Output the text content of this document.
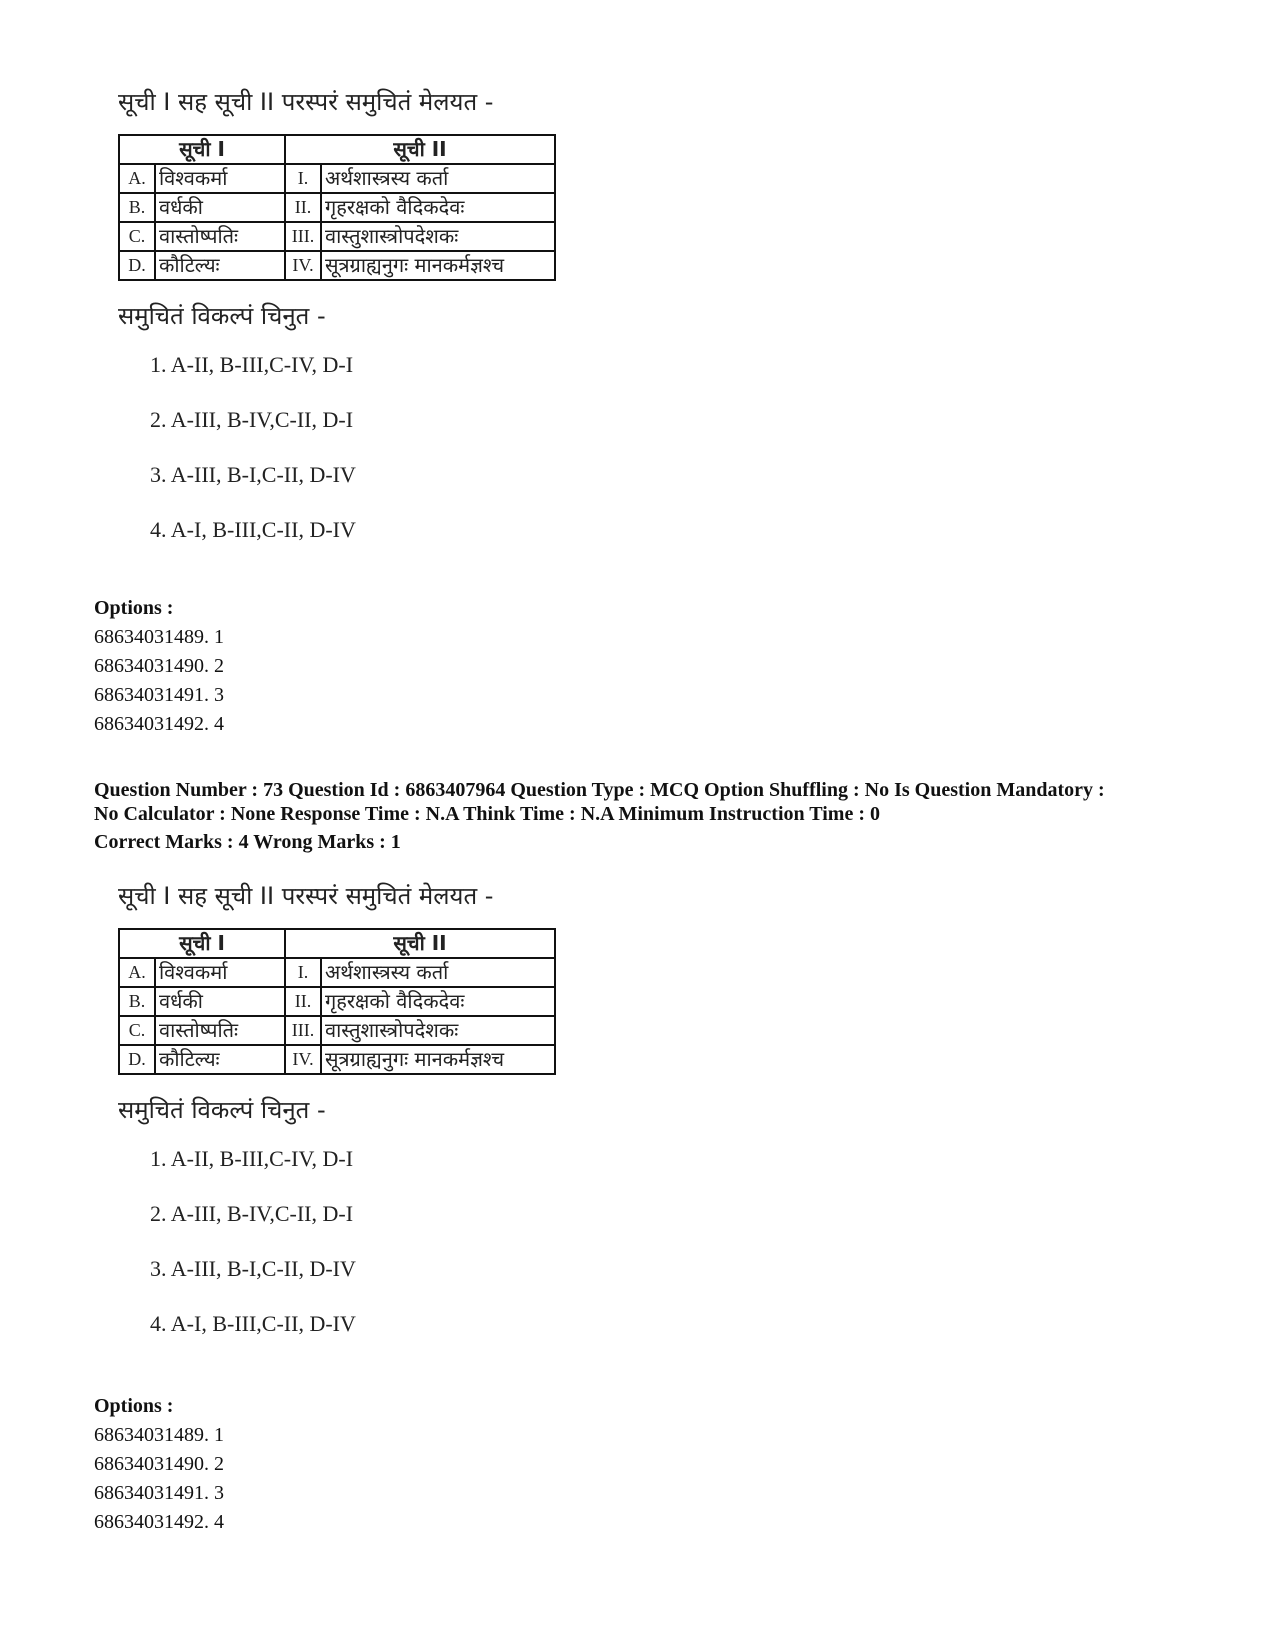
सूची I सह सूची II परस्परं समुचितं मेलयत -
सूची I		सूची II	
A.	विश्वकर्मा	I.	अर्थशास्त्रस्य कर्ता
B.	वर्धकी	II.	गृहरक्षको वैदिकदेवः
C.	वास्तोष्पतिः	III.	वास्तुशास्त्रोपदेशकः
D.	कौटिल्यः	IV.	सूत्रग्राह्यनुगः मानकर्मज्ञश्च
समुचितं विकल्पं चिनुत -
1. A-II, B-III,C-IV, D-I
2. A-III, B-IV,C-II, D-I
3. A-III, B-I,C-II, D-IV
4. A-I, B-III,C-II, D-IV
Options :
68634031489. 1
68634031490. 2
68634031491. 3
68634031492. 4
Question Number : 73 Question Id : 6863407964 Question Type : MCQ Option Shuffling : No Is Question Mandatory :
No Calculator : None Response Time : N.A Think Time : N.A Minimum Instruction Time : 0
Correct Marks : 4 Wrong Marks : 1
सूची I सह सूची II परस्परं समुचितं मेलयत -
सूची I		सूची II	
A.	विश्वकर्मा	I.	अर्थशास्त्रस्य कर्ता
B.	वर्धकी	II.	गृहरक्षको वैदिकदेवः
C.	वास्तोष्पतिः	III.	वास्तुशास्त्रोपदेशकः
D.	कौटिल्यः	IV.	सूत्रग्राह्यनुगः मानकर्मज्ञश्च
समुचितं विकल्पं चिनुत -
1. A-II, B-III,C-IV, D-I
2. A-III, B-IV,C-II, D-I
3. A-III, B-I,C-II, D-IV
4. A-I, B-III,C-II, D-IV
Options :
68634031489. 1
68634031490. 2
68634031491. 3
68634031492. 4
